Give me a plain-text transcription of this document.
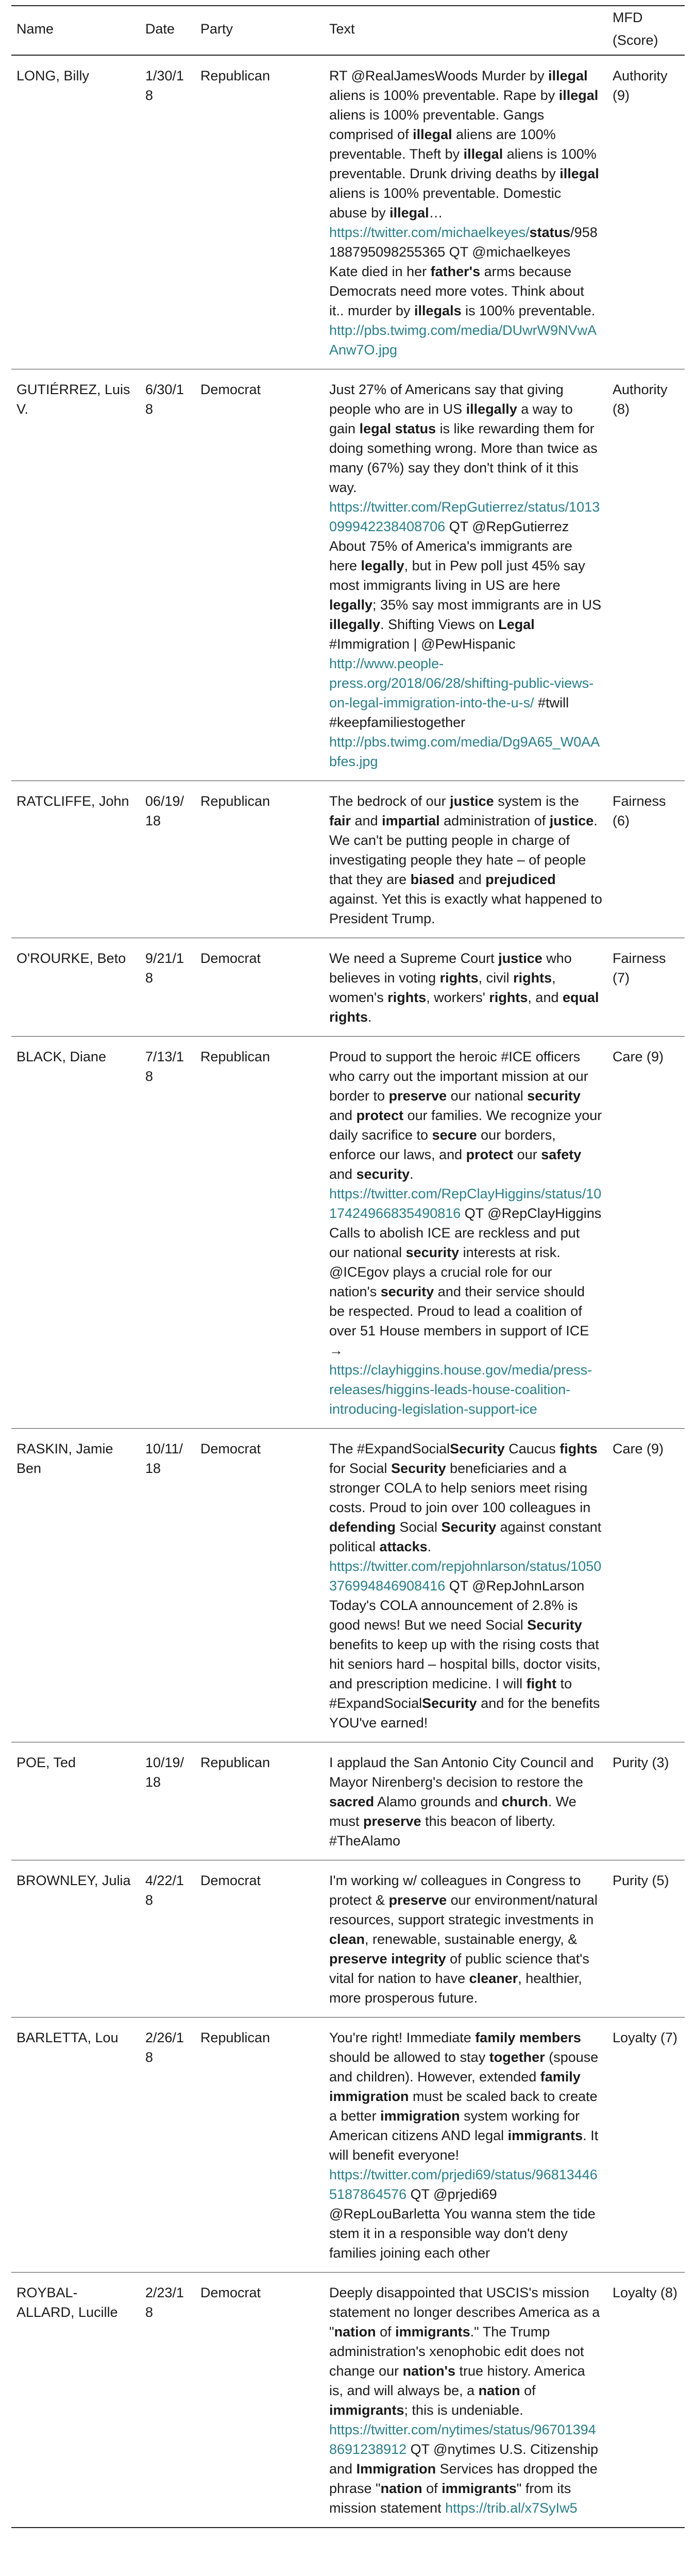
Name	Date	Party	Text	MFD (Score)
LONG, Billy	1/30/18	Republican	RT @RealJamesWoods Murder by illegal aliens is 100% preventable. Rape by illegal aliens is 100% preventable. Gangs comprised of illegal aliens are 100% preventable. Theft by illegal aliens is 100% preventable. Drunk driving deaths by illegal aliens is 100% preventable. Domestic abuse by illegal… https://twitter.com/michaelkeyes/status/958188795098255365 QT @michaelkeyes Kate died in her father's arms because Democrats need more votes. Think about it.. murder by illegals is 100% preventable. http://pbs.twimg.com/media/DUwrW9NVwAAnw7O.jpg	Authority (9)
GUTIÉRREZ, Luis V.	6/30/18	Democrat	Just 27% of Americans say that giving people who are in US illegally a way to gain legal status is like rewarding them for doing something wrong. More than twice as many (67%) say they don't think of it this way. https://twitter.com/RepGutierrez/status/1013099942238408706 QT @RepGutierrez About 75% of America's immigrants are here legally, but in Pew poll just 45% say most immigrants living in US are here legally; 35% say most immigrants are in US illegally. Shifting Views on Legal #Immigration | @PewHispanic http://www.people-press.org/2018/06/28/shifting-public-views-on-legal-immigration-into-the-u-s/ #twill #keepfamiliestogether http://pbs.twimg.com/media/Dg9A65_W0AAbfes.jpg	Authority (8)
RATCLIFFE, John	06/19/18	Republican	The bedrock of our justice system is the fair and impartial administration of justice. We can't be putting people in charge of investigating people they hate – of people that they are biased and prejudiced against. Yet this is exactly what happened to President Trump.	Fairness (6)
O'ROURKE, Beto	9/21/18	Democrat	We need a Supreme Court justice who believes in voting rights, civil rights, women's rights, workers' rights, and equal rights.	Fairness (7)
BLACK, Diane	7/13/18	Republican	Proud to support the heroic #ICE officers who carry out the important mission at our border to preserve our national security and protect our families. We recognize your daily sacrifice to secure our borders, enforce our laws, and protect our safety and security. https://twitter.com/RepClayHiggins/status/1017424966835490816 QT @RepClayHiggins Calls to abolish ICE are reckless and put our national security interests at risk. @ICEgov plays a crucial role for our nation's security and their service should be respected. Proud to lead a coalition of over 51 House members in support of ICE → https://clayhiggins.house.gov/media/press-releases/higgins-leads-house-coalition-introducing-legislation-support-ice	Care (9)
RASKIN, Jamie Ben	10/11/18	Democrat	The #ExpandSocialSecurity Caucus fights for Social Security beneficiaries and a stronger COLA to help seniors meet rising costs. Proud to join over 100 colleagues in defending Social Security against constant political attacks. https://twitter.com/repjohnlarson/status/1050376994846908416 QT @RepJohnLarson Today's COLA announcement of 2.8% is good news! But we need Social Security benefits to keep up with the rising costs that hit seniors hard – hospital bills, doctor visits, and prescription medicine. I will fight to #ExpandSocialSecurity and for the benefits YOU've earned!	Care (9)
POE, Ted	10/19/18	Republican	I applaud the San Antonio City Council and Mayor Nirenberg's decision to restore the sacred Alamo grounds and church. We must preserve this beacon of liberty. #TheAlamo	Purity (3)
BROWNLEY, Julia	4/22/18	Democrat	I'm working w/ colleagues in Congress to protect & preserve our environment/natural resources, support strategic investments in clean, renewable, sustainable energy, & preserve integrity of public science that's vital for nation to have cleaner, healthier, more prosperous future.	Purity (5)
BARLETTA, Lou	2/26/18	Republican	You're right! Immediate family members should be allowed to stay together (spouse and children). However, extended family immigration must be scaled back to create a better immigration system working for American citizens AND legal immigrants. It will benefit everyone! https://twitter.com/prjedi69/status/968134465187864576 QT @prjedi69 @RepLouBarletta You wanna stem the tide stem it in a responsible way don't deny families joining each other	Loyalty (7)
ROYBAL-ALLARD, Lucille	2/23/18	Democrat	Deeply disappointed that USCIS's mission statement no longer describes America as a "nation of immigrants." The Trump administration's xenophobic edit does not change our nation's true history. America is, and will always be, a nation of immigrants; this is undeniable. https://twitter.com/nytimes/status/967013948691238912 QT @nytimes U.S. Citizenship and Immigration Services has dropped the phrase "nation of immigrants" from its mission statement https://trib.al/x7SyIw5	Loyalty (8)
